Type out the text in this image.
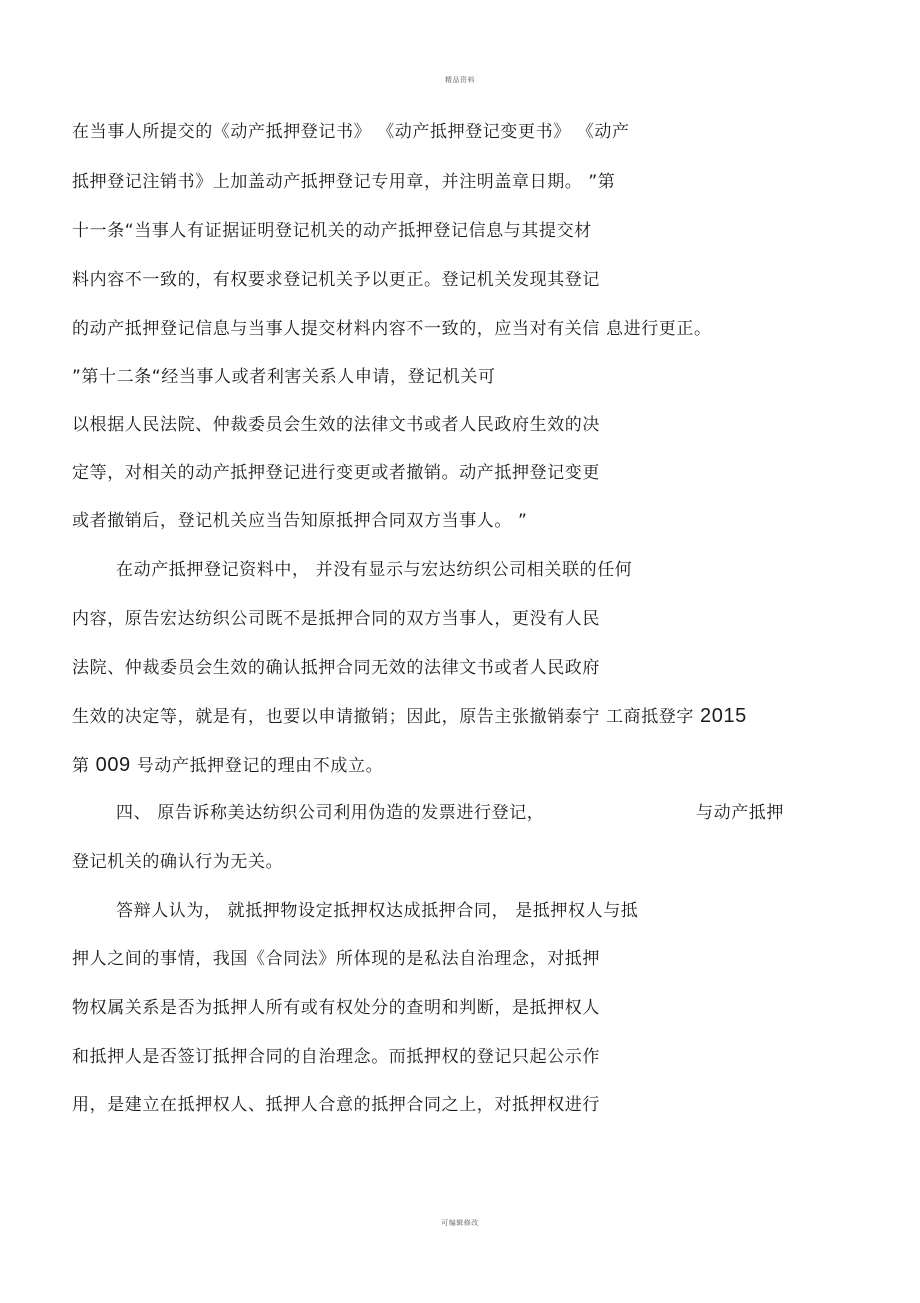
精品资料
在当事人所提交的《动产抵押登记书》 《动产抵押登记变更书》 《动产
抵押登记注销书》上加盖动产抵押登记专用章，并注明盖章日期。 ”第
十一条“当事人有证据证明登记机关的动产抵押登记信息与其提交材
料内容不一致的，有权要求登记机关予以更正。登记机关发现其登记
的动产抵押登记信息与当事人提交材料内容不一致的，应当对有关信 息进行更正。
”第十二条“经当事人或者利害关系人申请，登记机关可
以根据人民法院、仲裁委员会生效的法律文书或者人民政府生效的决
定等，对相关的动产抵押登记进行变更或者撤销。动产抵押登记变更
或者撤销后，登记机关应当告知原抵押合同双方当事人。 ”
在动产抵押登记资料中， 并没有显示与宏达纺织公司相关联的任何
内容，原告宏达纺织公司既不是抵押合同的双方当事人，更没有人民
法院、仲裁委员会生效的确认抵押合同无效的法律文书或者人民政府
生效的决定等，就是有，也要以申请撤销；因此，原告主张撤销泰宁 工商抵登字 2015
第 009 号动产抵押登记的理由不成立。
四、 原告诉称美达纺织公司利用伪造的发票进行登记，	与动产抵押
登记机关的确认行为无关。
答辩人认为， 就抵押物设定抵押权达成抵押合同， 是抵押权人与抵
押人之间的事情，我国《合同法》所体现的是私法自治理念，对抵押
物权属关系是否为抵押人所有或有权处分的查明和判断，是抵押权人
和抵押人是否签订抵押合同的自治理念。而抵押权的登记只起公示作
用，是建立在抵押权人、抵押人合意的抵押合同之上，对抵押权进行
可编辑修改
